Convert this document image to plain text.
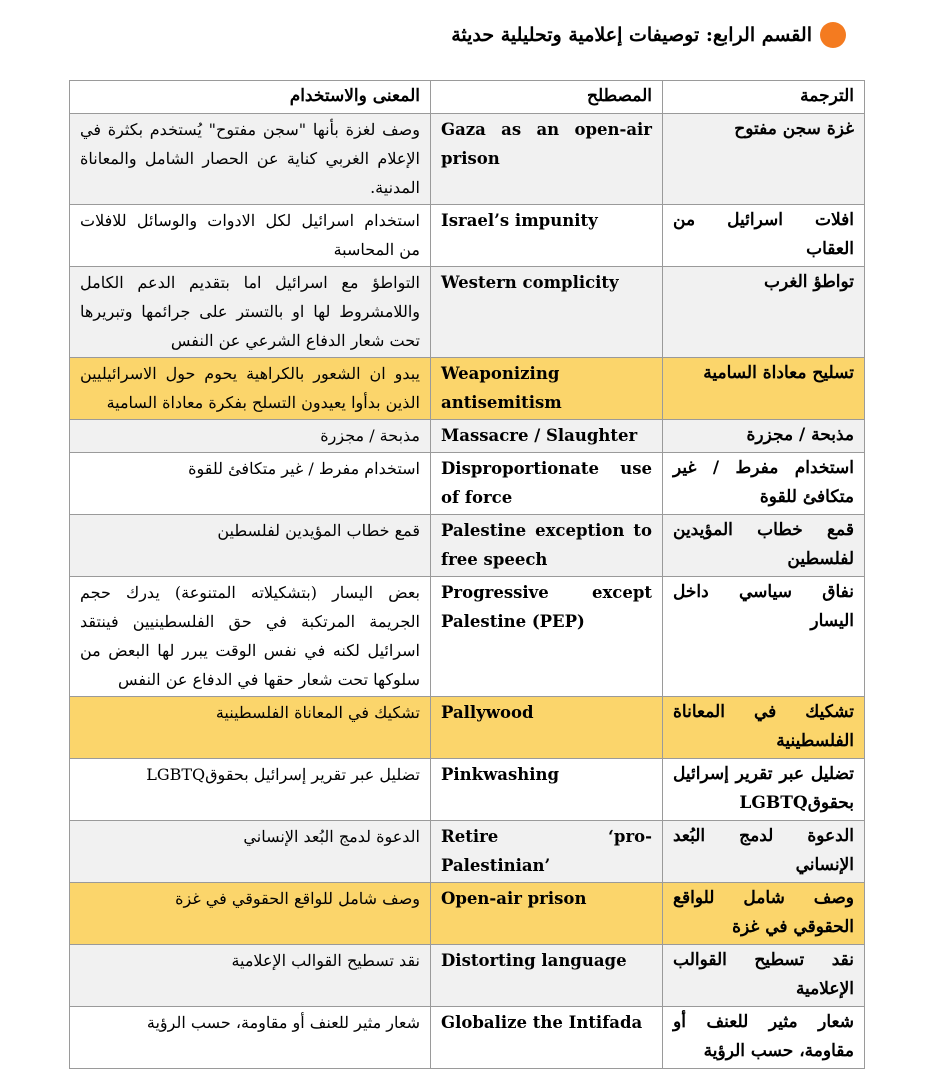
القسم الرابع: توصيفات إعلامية وتحليلية حديثة
الترجمة	المصطلح	المعنى والاستخدام
غزة سجن مفتوح	Gaza as an open-air prison	وصف لغزة بأنها "سجن مفتوح" يُستخدم بكثرة في الإعلام الغربي كناية عن الحصار الشامل والمعاناة المدنية.
افلات اسرائيل من العقاب	Israel’s impunity	استخدام اسرائيل لكل الادوات والوسائل للافلات من المحاسبة
تواطؤ الغرب	Western complicity	التواطؤ مع اسرائيل اما بتقديم الدعم الكامل واللامشروط لها او بالتستر على جرائمها وتبريرها تحت شعار الدفاع الشرعي عن النفس
تسليح معاداة السامية	Weaponizing antisemitism	يبدو ان الشعور بالكراهية يحوم حول الاسرائيليين الذين بدأوا يعيدون التسلح بفكرة معاداة السامية
مذبحة / مجزرة	Massacre / Slaughter	مذبحة / مجزرة
استخدام مفرط / غير متكافئ للقوة	Disproportionate use of force	استخدام مفرط / غير متكافئ للقوة
قمع خطاب المؤيدين لفلسطين	Palestine exception to free speech	قمع خطاب المؤيدين لفلسطين
نفاق سياسي داخل اليسار	Progressive except Palestine (PEP)	بعض اليسار (بتشكيلاته المتنوعة) يدرك حجم الجريمة المرتكبة في حق الفلسطينيين فينتقد اسرائيل لكنه في نفس الوقت يبرر لها البعض من سلوكها تحت شعار حقها في الدفاع عن النفس
تشكيك في المعاناة الفلسطينية	Pallywood	تشكيك في المعاناة الفلسطينية
تضليل عبر تقرير إسرائيل بحقوقLGBTQ	Pinkwashing	تضليل عبر تقرير إسرائيل بحقوقLGBTQ
الدعوة لدمج البُعد الإنساني	Retire ‘pro-Palestinian’	الدعوة لدمج البُعد الإنساني
وصف شامل للواقع الحقوقي في غزة	Open-air prison	وصف شامل للواقع الحقوقي في غزة
نقد تسطيح القوالب الإعلامية	Distorting language	نقد تسطيح القوالب الإعلامية
شعار مثير للعنف أو مقاومة، حسب الرؤية	Globalize the Intifada	شعار مثير للعنف أو مقاومة، حسب الرؤية
